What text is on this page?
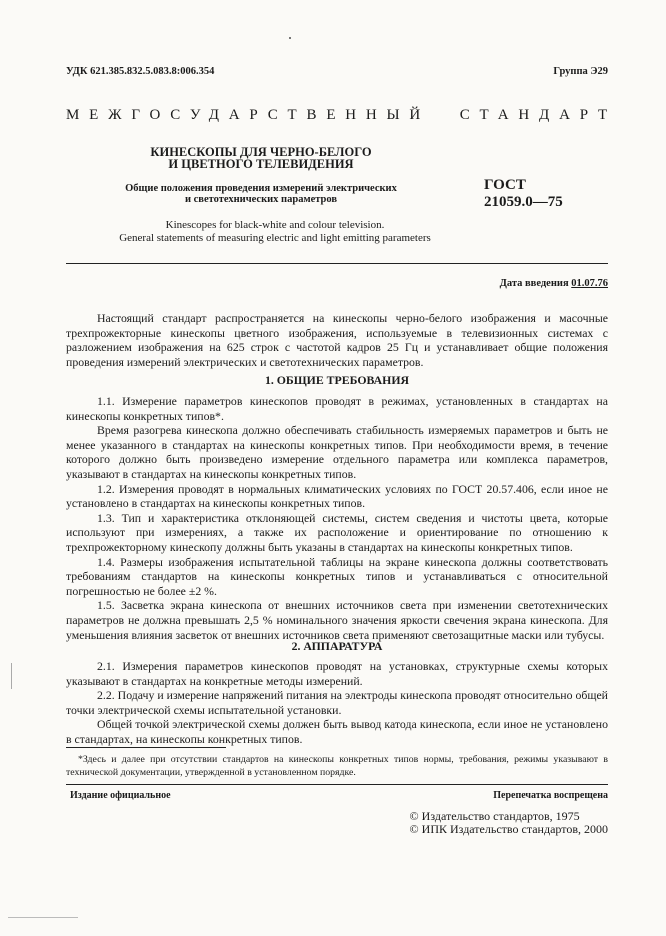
УДК 621.385.832.5.083.8:006.354	Группа Э29
МЕЖГОСУДАРСТВЕННЫЙ СТАНДАРТ
КИНЕСКОПЫ ДЛЯ ЧЕРНО-БЕЛОГО
И ЦВЕТНОГО ТЕЛЕВИДЕНИЯ
Общие положения проведения измерений электрических
и светотехнических параметров
ГОСТ
21059.0—75
Kinescopes for black-white and colour television.
General statements of measuring electric and light emitting parameters
Дата введения 01.07.76

Настоящий стандарт распространяется на кинескопы черно-белого изображения и масочные трехпрожекторные кинескопы цветного изображения, используемые в телевизионных системах с разложением изображения на 625 строк с частотой кадров 25 Гц и устанавливает общие положения проведения измерений электрических и светотехнических параметров.

1. ОБЩИЕ ТРЕБОВАНИЯ

1.1. Измерение параметров кинескопов проводят в режимах, установленных в стандартах на кинескопы конкретных типов*.

Время разогрева кинескопа должно обеспечивать стабильность измеряемых параметров и быть не менее указанного в стандартах на кинескопы конкретных типов. При необходимости время, в течение которого должно быть произведено измерение отдельного параметра или комплекса параметров, указывают в стандартах на кинескопы конкретных типов.

1.2. Измерения проводят в нормальных климатических условиях по ГОСТ 20.57.406, если иное не установлено в стандартах на кинескопы конкретных типов.

1.3. Тип и характеристика отклоняющей системы, систем сведения и чистоты цвета, которые используют при измерениях, а также их расположение и ориентирование по отношению к трехпрожекторному кинескопу должны быть указаны в стандартах на кинескопы конкретных типов.

1.4. Размеры изображения испытательной таблицы на экране кинескопа должны соответствовать требованиям стандартов на кинескопы конкретных типов и устанавливаться с относительной погрешностью не более ±2 %.

1.5. Засветка экрана кинескопа от внешних источников света при изменении светотехнических параметров не должна превышать 2,5 % номинального значения яркости свечения экрана кинескопа. Для уменьшения влияния засветок от внешних источников света применяют светозащитные маски или тубусы.

2. АППАРАТУРА

2.1. Измерения параметров кинескопов проводят на установках, структурные схемы которых указывают в стандартах на конкретные методы измерений.

2.2. Подачу и измерение напряжений питания на электроды кинескопа проводят относительно общей точки электрической схемы испытательной установки.

Общей точкой электрической схемы должен быть вывод катода кинескопа, если иное не установлено в стандартах, на кинескопы конкретных типов.

*Здесь и далее при отсутствии стандартов на кинескопы конкретных типов нормы, требования, режимы указывают в технической документации, утвержденной в установленном порядке.

Издание официальное	Перепечатка воспрещена
© Издательство стандартов, 1975
© ИПК Издательство стандартов, 2000
